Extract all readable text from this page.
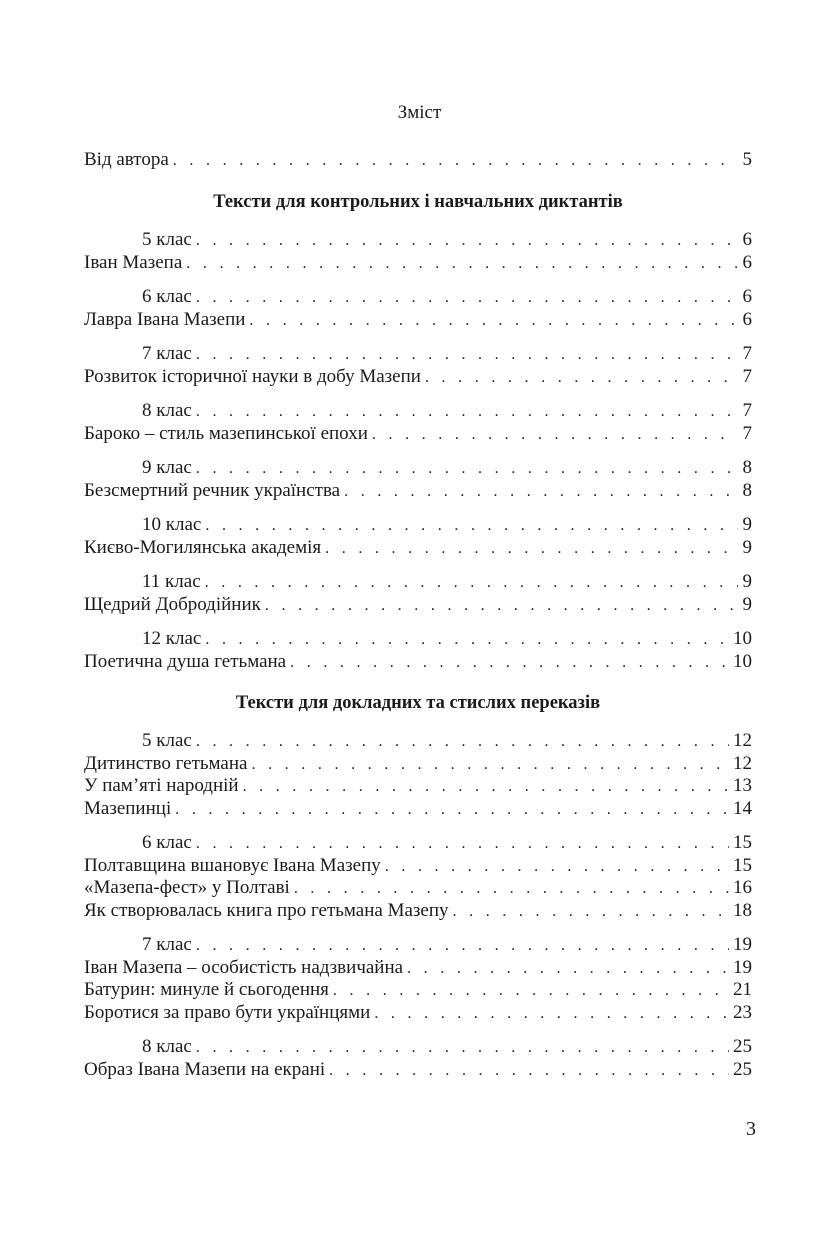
Зміст
Від автора . . .	5
Тексти для контрольних і навчальних диктантів
5 клас . . .	6
Іван Мазепа . . .	6
6 клас . . .	6
Лавра Івана Мазепи . . .	6
7 клас . . .	7
Розвиток історичної науки в добу Мазепи . . .	7
8 клас . . .	7
Бароко – стиль мазепинської епохи . . .	7
9 клас . . .	8
Безсмертний речник українства . . .	8
10 клас . . .	9
Києво-Могилянська академія . . .	9
11 клас . . .	9
Щедрий Добродійник . . .	9
12 клас . . .	10
Поетична душа гетьмана . . .	10
Тексти для докладних та стислих переказів
5 клас . . .	12
Дитинство гетьмана . . .	12
У пам’яті народній . . .	13
Мазепинці . . .	14
6 клас . . .	15
Полтавщина вшановує Івана Мазепу . . .	15
«Мазепа-фест» у Полтаві . . .	16
Як створювалась книга про гетьмана Мазепу . . .	18
7 клас . . .	19
Іван Мазепа – особистість надзвичайна . . .	19
Батурин: минуле й сьогодення . . .	21
Боротися за право бути українцями . . .	23
8 клас . . .	25
Образ Івана Мазепи на екрані . . .	25
3
